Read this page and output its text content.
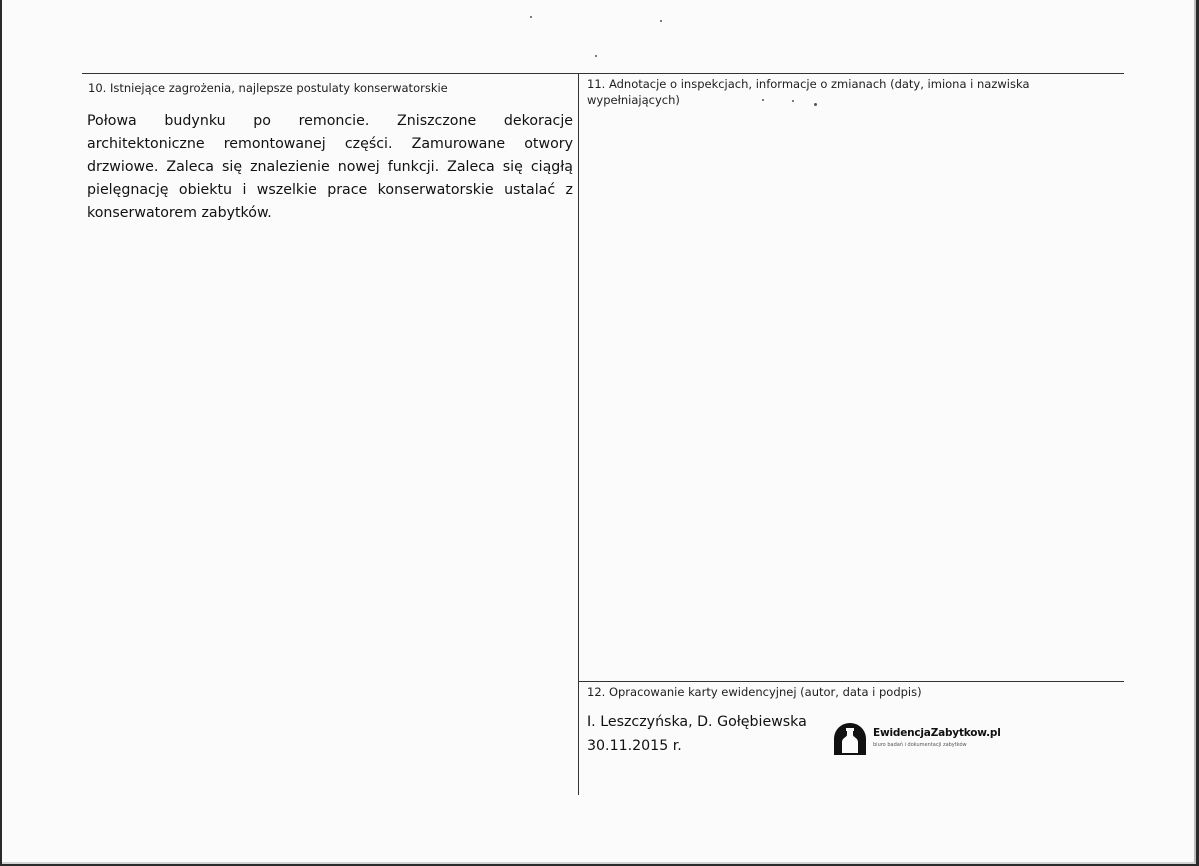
10. Istniejące zagrożenia, najlepsze postulaty konserwatorskie

Połowa budynku po remoncie. Zniszczone dekoracje architektoniczne remontowanej części. Zamurowane otwory drzwiowe. Zaleca się znalezienie nowej funkcji. Zaleca się ciągłą pielęgnację obiektu i wszelkie prace konserwatorskie ustalać z konserwatorem zabytków.

11. Adnotacje o inspekcjach, informacje o zmianach (daty, imiona i nazwiska
wypełniających)
12. Opracowanie karty ewidencyjnej (autor, data i podpis)
I. Leszczyńska, D. Gołębiewska
30.11.2015 r.
EwidencjaZabytkow.pl
biuro badań i dokumentacji zabytków
